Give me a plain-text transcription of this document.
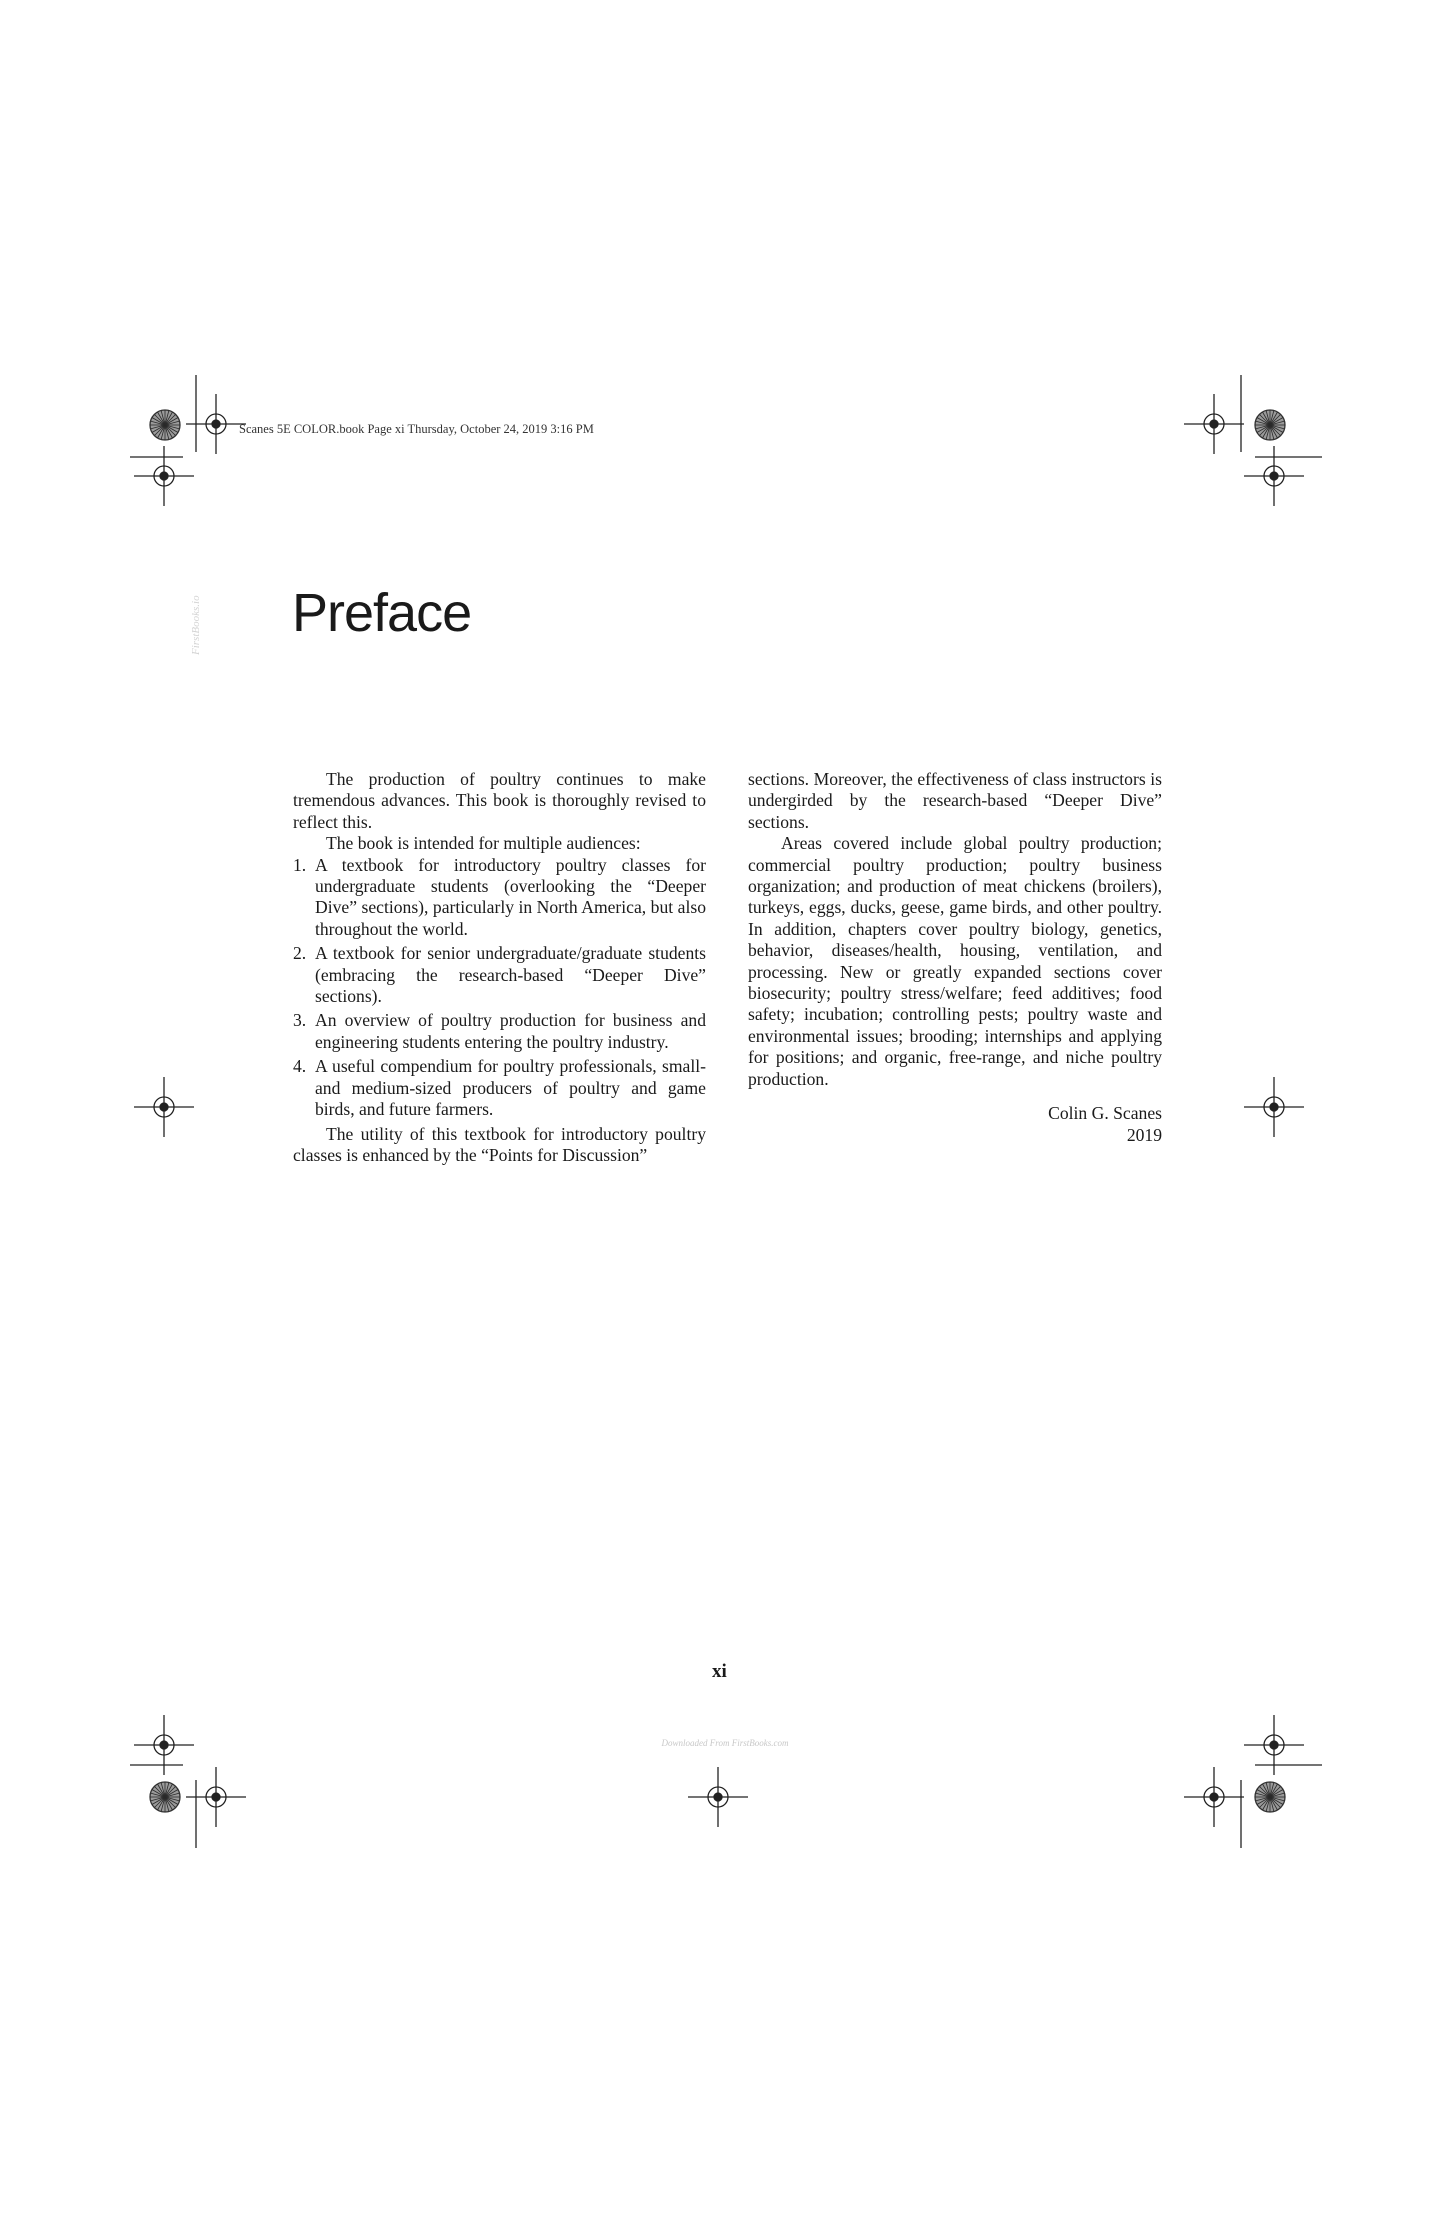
Scanes 5E COLOR.book Page xi Thursday, October 24, 2019 3:16 PM
Preface
FirstBooks.io

The production of poultry continues to make tremendous advances. This book is thoroughly revised to reflect this.

The book is intended for multiple audiences:

1. A textbook for introductory poultry classes for undergraduate students (overlooking the “Deeper Dive” sections), particularly in North America, but also throughout the world.
2. A textbook for senior undergraduate/graduate students (embracing the research-based “Deeper Dive” sections).
3. An overview of poultry production for business and engineering students entering the poultry industry.
4. A useful compendium for poultry professionals, small- and medium-sized producers of poultry and game birds, and future farmers.

The utility of this textbook for introductory poultry classes is enhanced by the “Points for Discussion”

sections. Moreover, the effectiveness of class instructors is undergirded by the research-based “Deeper Dive” sections.

Areas covered include global poultry production; commercial poultry production; poultry business organization; and production of meat chickens (broilers), turkeys, eggs, ducks, geese, game birds, and other poultry. In addition, chapters cover poultry biology, genetics, behavior, diseases/health, housing, ventilation, and processing. New or greatly expanded sections cover biosecurity; poultry stress/welfare; feed additives; food safety; incubation; controlling pests; poultry waste and environmental issues; brooding; internships and applying for positions; and organic, free-range, and niche poultry production.

Colin G. Scanes
2019
xi
Downloaded From FirstBooks.com
